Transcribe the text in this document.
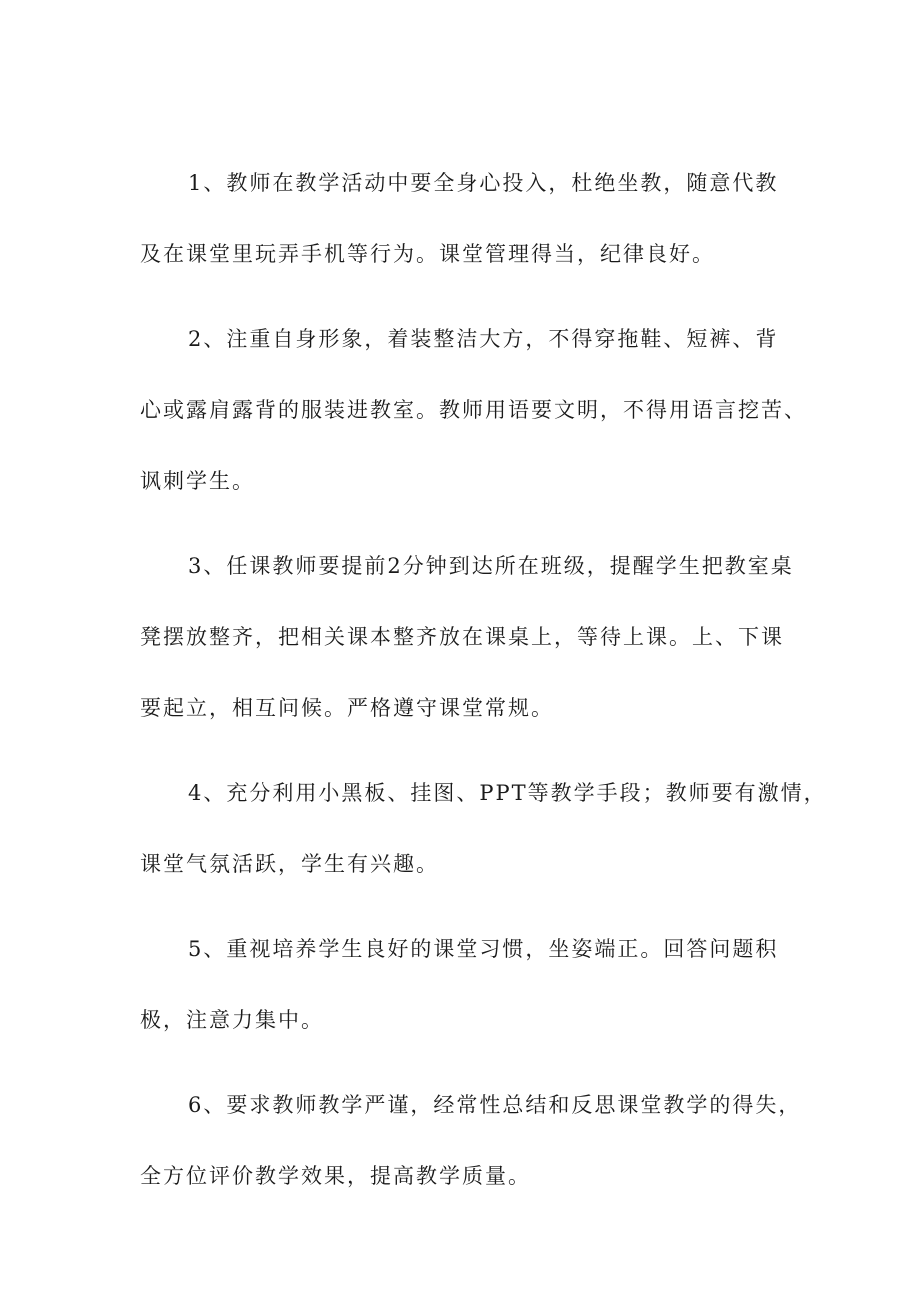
1、教师在教学活动中要全身心投入，杜绝坐教，随意代教
及在课堂里玩弄手机等行为。课堂管理得当，纪律良好。

2、注重自身形象，着装整洁大方，不得穿拖鞋、短裤、背
心或露肩露背的服装进教室。教师用语要文明，不得用语言挖苦、
讽刺学生。

3、任课教师要提前2分钟到达所在班级，提醒学生把教室桌
凳摆放整齐，把相关课本整齐放在课桌上，等待上课。上、下课
要起立，相互问候。严格遵守课堂常规。

4、充分利用小黑板、挂图、PPT等教学手段；教师要有激情，
课堂气氛活跃，学生有兴趣。

5、重视培养学生良好的课堂习惯，坐姿端正。回答问题积
极，注意力集中。

6、要求教师教学严谨，经常性总结和反思课堂教学的得失，
全方位评价教学效果，提高教学质量。
